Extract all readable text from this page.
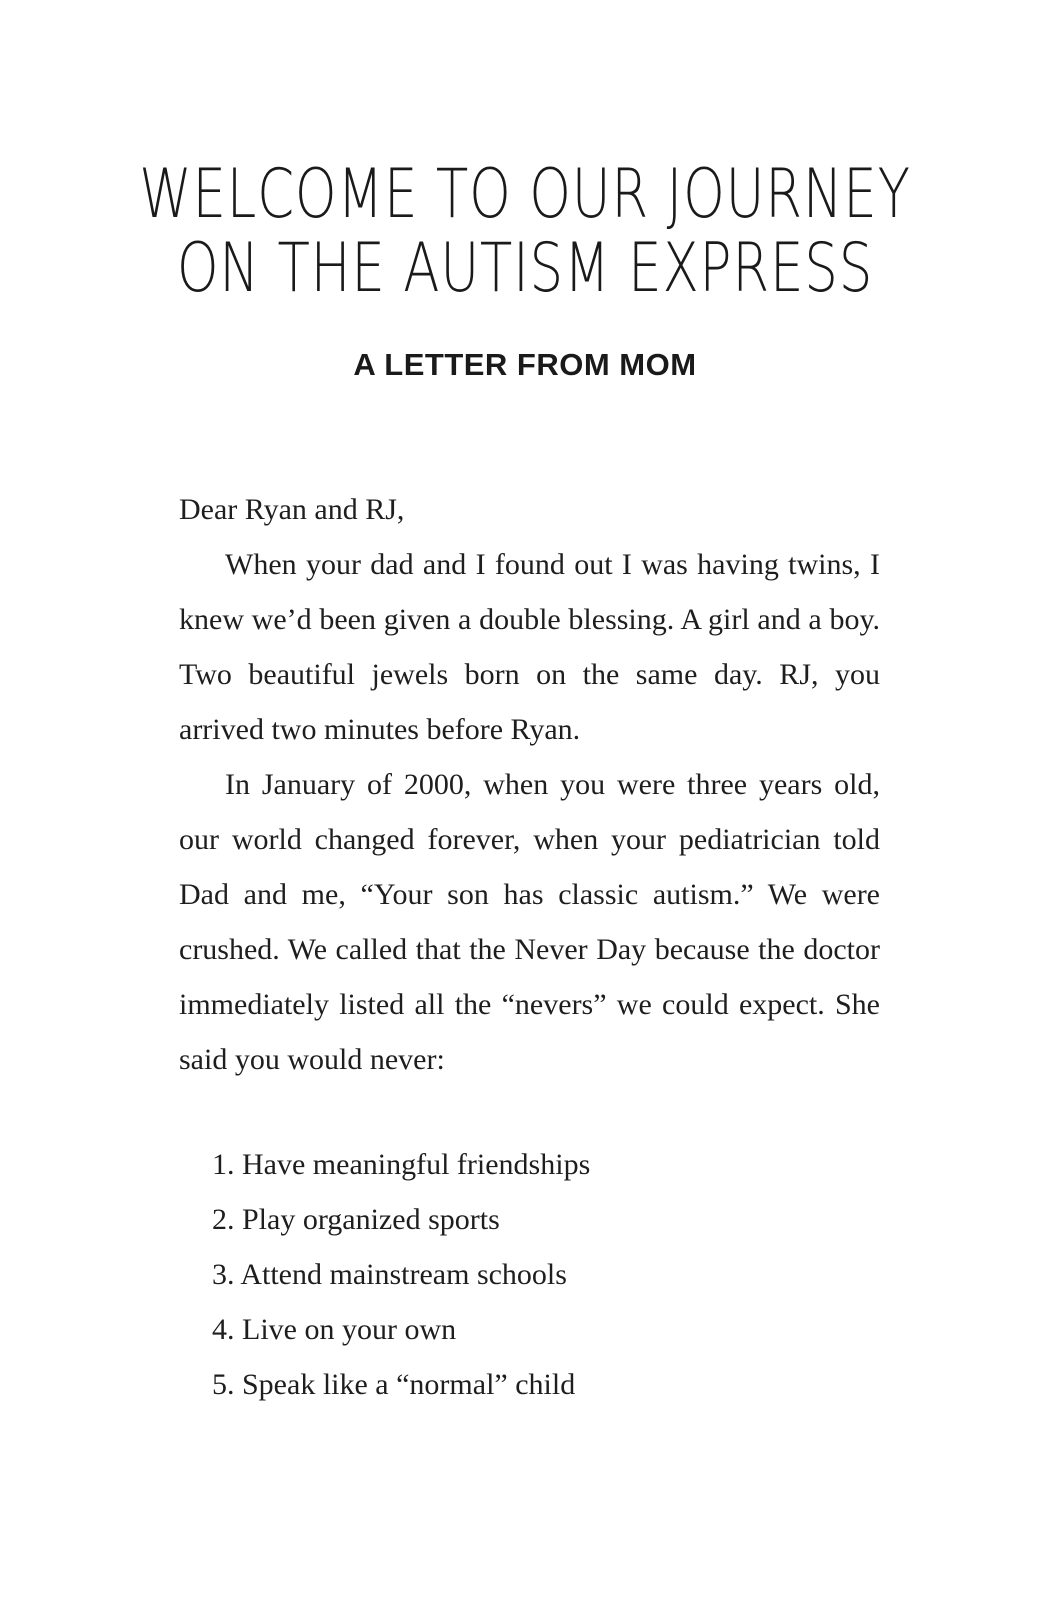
WELCOME TO OUR JOURNEY
ON THE AUTISM EXPRESS
A LETTER FROM MOM

Dear Ryan and RJ,

When your dad and I found out I was having twins, I knew we’d been given a double blessing. A girl and a boy. Two beautiful jewels born on the same day. RJ, you arrived two minutes before Ryan.

In January of 2000, when you were three years old, our world changed forever, when your pediatrician told Dad and me, “Your son has classic autism.” We were crushed. We called that the Never Day because the doctor immediately listed all the “nevers” we could expect. She said you would never:

1. Have meaningful friendships
2. Play organized sports
3. Attend mainstream schools
4. Live on your own
5. Speak like a “normal” child
